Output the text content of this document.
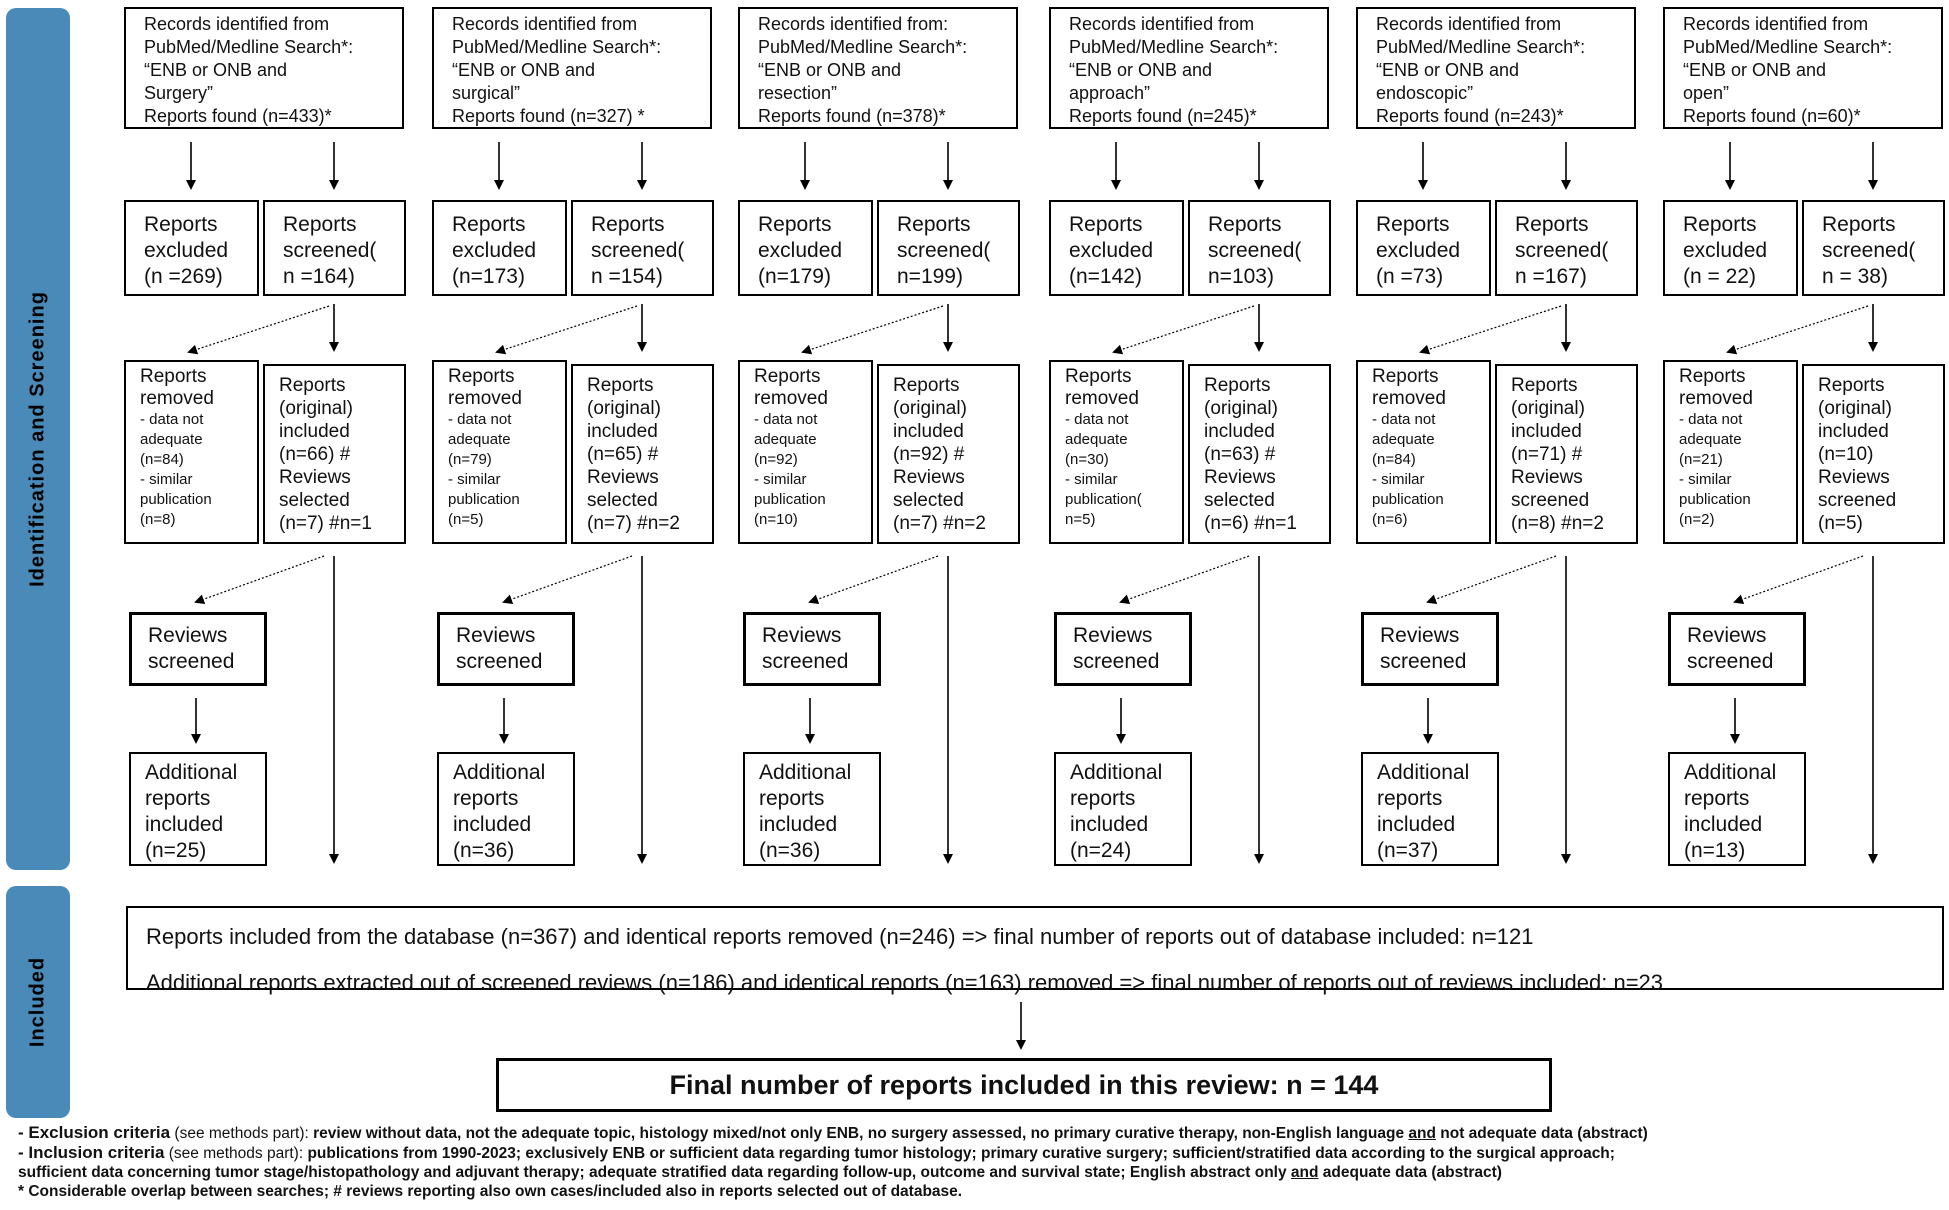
Identification and Screening
Included
Records identified from
PubMed/Medline Search*:
“ENB or ONB and
Surgery”
Reports found (n=433)*
Reports
excluded
(n =269)
Reports
screened(
n =164)
Reports
removed
- data not
adequate
(n=84)
- similar
publication
(n=8)
Reports
(original)
included
(n=66) #
Reviews
selected
(n=7) #n=1
Reviews
screened
Additional
reports
included
(n=25)
Records identified from
PubMed/Medline Search*:
“ENB or ONB and
surgical”
Reports found (n=327) *
Reports
excluded
(n=173)
Reports
screened(
n =154)
Reports
removed
- data not
adequate
(n=79)
- similar
publication
(n=5)
Reports
(original)
included
(n=65) #
Reviews
selected
(n=7) #n=2
Reviews
screened
Additional
reports
included
(n=36)
Records identified from:
PubMed/Medline Search*:
“ENB or ONB and
resection”
Reports found (n=378)*
Reports
excluded
(n=179)
Reports
screened(
n=199)
Reports
removed
- data not
adequate
(n=92)
- similar
publication
(n=10)
Reports
(original)
included
(n=92) #
Reviews
selected
(n=7) #n=2
Reviews
screened
Additional
reports
included
(n=36)
Records identified from
PubMed/Medline Search*:
“ENB or ONB and
approach”
Reports found (n=245)*
Reports
excluded
(n=142)
Reports
screened(
n=103)
Reports
removed
- data not
adequate
(n=30)
- similar
publication(
n=5)
Reports
(original)
included
(n=63) #
Reviews
selected
(n=6) #n=1
Reviews
screened
Additional
reports
included
(n=24)
Records identified from
PubMed/Medline Search*:
“ENB or ONB and
endoscopic”
Reports found (n=243)*
Reports
excluded
(n =73)
Reports
screened(
n =167)
Reports
removed
- data not
adequate
(n=84)
- similar
publication
(n=6)
Reports
(original)
included
(n=71) #
Reviews
screened
(n=8) #n=2
Reviews
screened
Additional
reports
included
(n=37)
Records identified from
PubMed/Medline Search*:
“ENB or ONB and
open”
Reports found (n=60)*
Reports
excluded
(n = 22)
Reports
screened(
n = 38)
Reports
removed
- data not
adequate
(n=21)
- similar
publication
(n=2)
Reports
(original)
included
(n=10)
Reviews
screened
(n=5)
Reviews
screened
Additional
reports
included
(n=13)
Reports included from the database (n=367) and identical reports removed (n=246) => final number of reports out of database included: n=121
Additional reports extracted out of screened reviews (n=186) and identical reports (n=163) removed => final number of reports out of reviews included: n=23
Final number of reports included in this review: n = 144
- Exclusion criteria (see methods part): review without data, not the adequate topic, histology mixed/not only ENB, no surgery assessed, no primary curative therapy, non-English language and not adequate data (abstract)
- Inclusion criteria (see methods part): publications from 1990-2023; exclusively ENB or sufficient data regarding tumor histology; primary curative surgery; sufficient/stratified data according to the surgical approach;
sufficient data concerning tumor stage/histopathology and adjuvant therapy; adequate stratified data regarding follow-up, outcome and survival state; English abstract only and adequate data (abstract)
* Considerable overlap between searches; # reviews reporting also own cases/included also in reports selected out of database.
